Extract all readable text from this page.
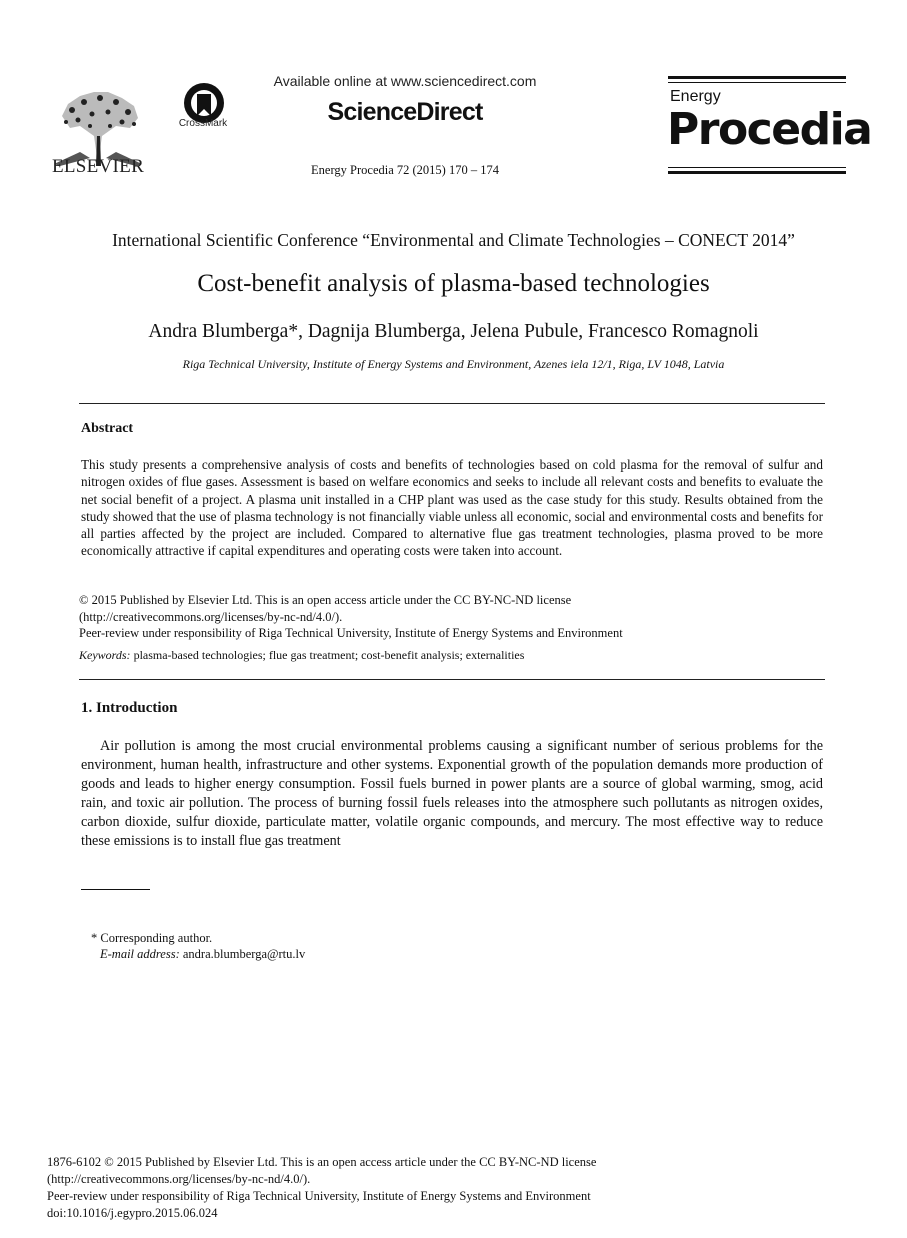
ELSEVIER
CrossMark
Available online at www.sciencedirect.com
ScienceDirect
Energy Procedia 72 (2015) 170 – 174
Energy
Procedia
International Scientific Conference “Environmental and Climate Technologies – CONECT 2014”
Cost-benefit analysis of plasma-based technologies
Andra Blumberga*, Dagnija Blumberga, Jelena Pubule, Francesco Romagnoli
Riga Technical University, Institute of Energy Systems and Environment, Azenes iela 12/1, Riga, LV 1048, Latvia
Abstract
This study presents a comprehensive analysis of costs and benefits of technologies based on cold plasma for the removal of sulfur and nitrogen oxides of flue gases. Assessment is based on welfare economics and seeks to include all relevant costs and benefits to evaluate the net social benefit of a project. A plasma unit installed in a CHP plant was used as the case study for this study. Results obtained from the study showed that the use of plasma technology is not financially viable unless all economic, social and environmental costs and benefits for all parties affected by the project are included. Compared to alternative flue gas treatment technologies, plasma proved to be more economically attractive if capital expenditures and operating costs were taken into account.

© 2015 Published by Elsevier Ltd. This is an open access article under the CC BY-NC-ND license

(http://creativecommons.org/licenses/by-nc-nd/4.0/).

Peer-review under responsibility of Riga Technical University, Institute of Energy Systems and Environment

Keywords: plasma-based technologies; flue gas treatment; cost-benefit analysis; externalities
1. Introduction
Air pollution is among the most crucial environmental problems causing a significant number of serious problems for the environment, human health, infrastructure and other systems. Exponential growth of the population demands more production of goods and leads to higher energy consumption. Fossil fuels burned in power plants are a source of global warming, smog, acid rain, and toxic air pollution. The process of burning fossil fuels releases into the atmosphere such pollutants as nitrogen oxides, carbon dioxide, sulfur dioxide, particulate matter, volatile organic compounds, and mercury. The most effective way to reduce these emissions is to install flue gas treatment
* Corresponding author.
E-mail address: andra.blumberga@rtu.lv

1876-6102 © 2015 Published by Elsevier Ltd. This is an open access article under the CC BY-NC-ND license

(http://creativecommons.org/licenses/by-nc-nd/4.0/).

Peer-review under responsibility of Riga Technical University, Institute of Energy Systems and Environment

doi:10.1016/j.egypro.2015.06.024
